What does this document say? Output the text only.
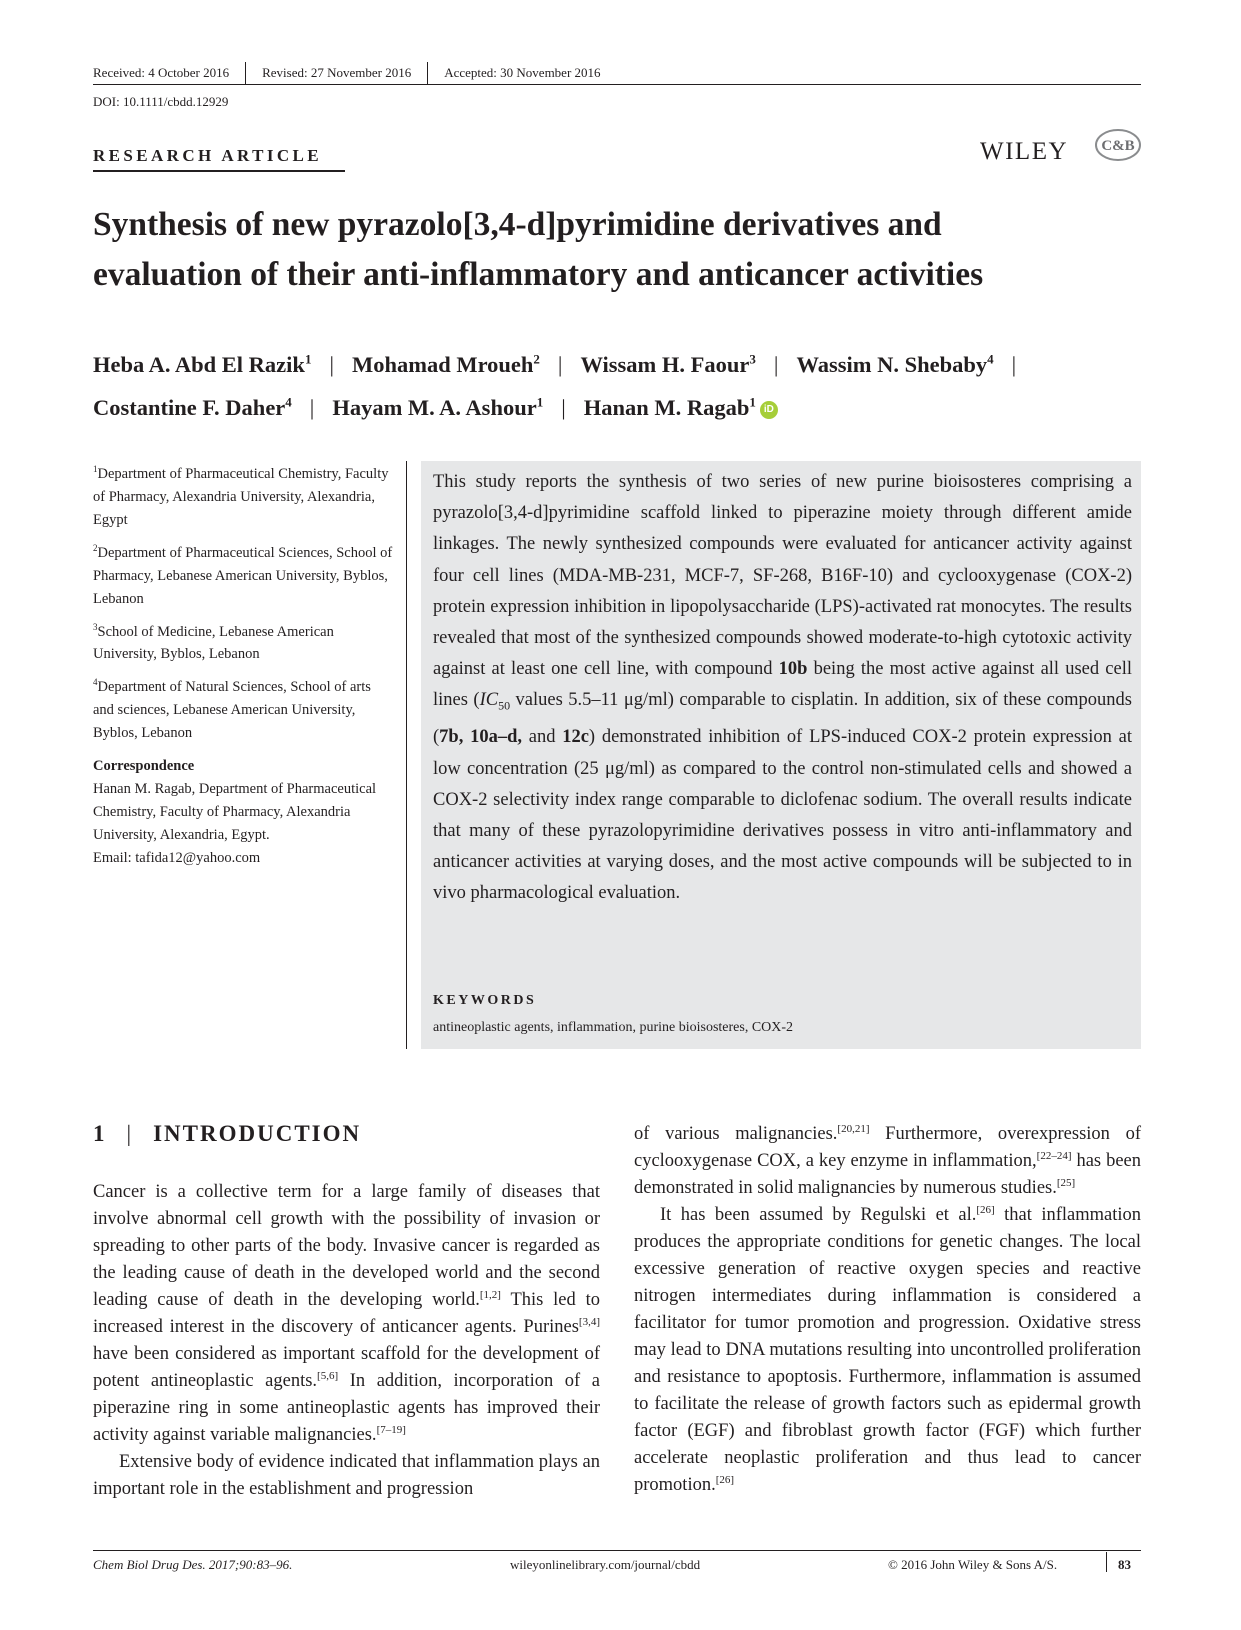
Received: 4 October 2016	Revised: 27 November 2016	Accepted: 30 November 2016
DOI: 10.1111/cbdd.12929
RESEARCH ARTICLE	WILEY C&B
Synthesis of new pyrazolo[3,4-d]pyrimidine derivatives and
evaluation of their anti-inflammatory and anticancer activities
Heba A. Abd El Razik$^1$ | Mohamad Mroueh$^2$ | Wissam H. Faour$^3$ | Wassim N. Shebaby$^4$ |
Costantine F. Daher$^4$ | Hayam M. A. Ashour$^1$ | Hanan M. Ragab$^1$ iD
$^1$Department of Pharmaceutical Chemistry, Faculty of Pharmacy, Alexandria University, Alexandria, Egypt
$^2$Department of Pharmaceutical Sciences, School of Pharmacy, Lebanese American University, Byblos, Lebanon
$^3$School of Medicine, Lebanese American University, Byblos, Lebanon
$^4$Department of Natural Sciences, School of arts and sciences, Lebanese American University, Byblos, Lebanon
Correspondence
Hanan M. Ragab, Department of Pharmaceutical Chemistry, Faculty of Pharmacy, Alexandria University, Alexandria, Egypt.
Email: tafida12@yahoo.com
This study reports the synthesis of two series of new purine bioisosteres comprising a pyrazolo[3,4-d]pyrimidine scaffold linked to piperazine moiety through different amide linkages. The newly synthesized compounds were evaluated for anticancer activity against four cell lines (MDA-MB-231, MCF-7, SF-268, B16F-10) and cyclooxygenase (COX-2) protein expression inhibition in lipopolysaccharide (LPS)-activated rat monocytes. The results revealed that most of the synthesized compounds showed moderate-to-high cytotoxic activity against at least one cell line, with compound 10b being the most active against all used cell lines ($IC_{50}$ values 5.5–11 μg/ml) comparable to cisplatin. In addition, six of these compounds (7b, 10a–d, and 12c) demonstrated inhibition of LPS-induced COX-2 protein expression at low concentration (25 μg/ml) as compared to the control non-stimulated cells and showed a COX-2 selectivity index range comparable to diclofenac sodium. The overall results indicate that many of these pyrazolopyrimidine derivatives possess in vitro anti-inflammatory and anticancer activities at varying doses, and the most active compounds will be subjected to in vivo pharmacological evaluation.
KEYWORDS
antineoplastic agents, inflammation, purine bioisosteres, COX-2
1 | INTRODUCTION

Cancer is a collective term for a large family of diseases that involve abnormal cell growth with the possibility of invasion or spreading to other parts of the body. Invasive cancer is regarded as the leading cause of death in the developed world and the second leading cause of death in the developing world.[1,2] This led to increased interest in the discovery of anticancer agents. Purines[3,4] have been considered as important scaffold for the development of potent antineoplastic agents.[5,6] In addition, incorporation of a piperazine ring in some antineoplastic agents has improved their activity against variable malignancies.[7–19]

Extensive body of evidence indicated that inflammation plays an important role in the establishment and progression

of various malignancies.[20,21] Furthermore, overexpression of cyclooxygenase COX, a key enzyme in inflammation,[22–24] has been demonstrated in solid malignancies by numerous studies.[25]

It has been assumed by Regulski et al.[26] that inflammation produces the appropriate conditions for genetic changes. The local excessive generation of reactive oxygen species and reactive nitrogen intermediates during inflammation is considered a facilitator for tumor promotion and progression. Oxidative stress may lead to DNA mutations resulting into uncontrolled proliferation and resistance to apoptosis. Furthermore, inflammation is assumed to facilitate the release of growth factors such as epidermal growth factor (EGF) and fibroblast growth factor (FGF) which further accelerate neoplastic proliferation and thus lead to cancer promotion.[26]

Chem Biol Drug Des. 2017;90:83–96.	wileyonlinelibrary.com/journal/cbdd	© 2016 John Wiley & Sons A/S.	83
